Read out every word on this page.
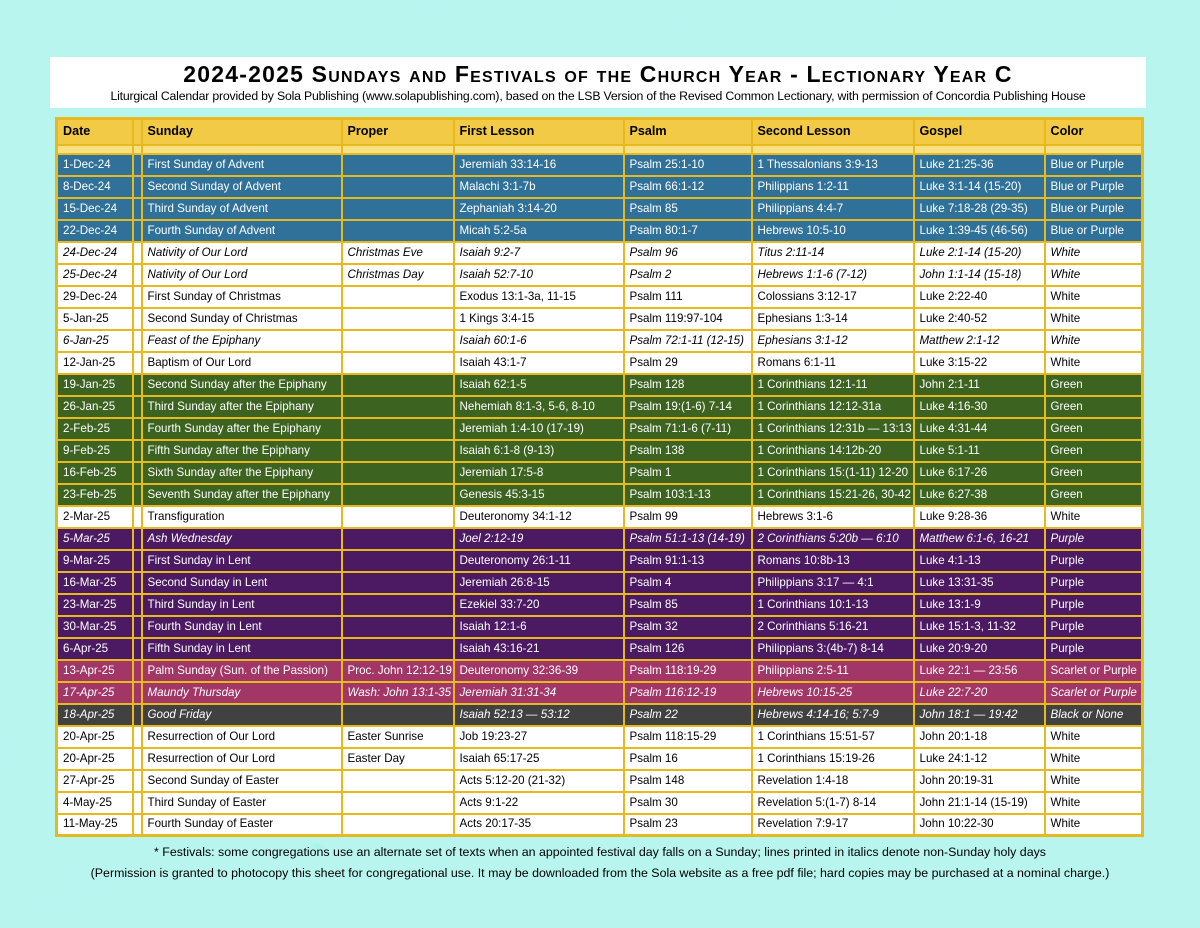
2024-2025 Sundays and Festivals of the Church Year - Lectionary Year C
Liturgical Calendar provided by Sola Publishing (www.solapublishing.com), based on the LSB Version of the Revised Common Lectionary, with permission of Concordia Publishing House
Date		Sunday	Proper	First Lesson	Psalm	Second Lesson	Gospel	Color

1-Dec-24		First Sunday of Advent		Jeremiah 33:14-16	Psalm 25:1-10	1 Thessalonians 3:9-13	Luke 21:25-36	Blue or Purple
8-Dec-24		Second Sunday of Advent		Malachi 3:1-7b	Psalm 66:1-12	Philippians 1:2-11	Luke 3:1-14 (15-20)	Blue or Purple
15-Dec-24		Third Sunday of Advent		Zephaniah 3:14-20	Psalm 85	Philippians 4:4-7	Luke 7:18-28 (29-35)	Blue or Purple
22-Dec-24		Fourth Sunday of Advent		Micah 5:2-5a	Psalm 80:1-7	Hebrews 10:5-10	Luke 1:39-45 (46-56)	Blue or Purple
24-Dec-24		Nativity of Our Lord	Christmas Eve	Isaiah 9:2-7	Psalm 96	Titus 2:11-14	Luke 2:1-14 (15-20)	White
25-Dec-24		Nativity of Our Lord	Christmas Day	Isaiah 52:7-10	Psalm 2	Hebrews 1:1-6 (7-12)	John 1:1-14 (15-18)	White
29-Dec-24		First Sunday of Christmas		Exodus 13:1-3a, 11-15	Psalm 111	Colossians 3:12-17	Luke 2:22-40	White
5-Jan-25		Second Sunday of Christmas		1 Kings 3:4-15	Psalm 119:97-104	Ephesians 1:3-14	Luke 2:40-52	White
6-Jan-25		Feast of the Epiphany		Isaiah 60:1-6	Psalm 72:1-11 (12-15)	Ephesians 3:1-12	Matthew 2:1-12	White
12-Jan-25		Baptism of Our Lord		Isaiah 43:1-7	Psalm 29	Romans 6:1-11	Luke 3:15-22	White
19-Jan-25		Second Sunday after the Epiphany		Isaiah 62:1-5	Psalm 128	1 Corinthians 12:1-11	John 2:1-11	Green
26-Jan-25		Third Sunday after the Epiphany		Nehemiah 8:1-3, 5-6, 8-10	Psalm 19:(1-6) 7-14	1 Corinthians 12:12-31a	Luke 4:16-30	Green
2-Feb-25		Fourth Sunday after the Epiphany		Jeremiah 1:4-10 (17-19)	Psalm 71:1-6 (7-11)	1 Corinthians 12:31b — 13:13	Luke 4:31-44	Green
9-Feb-25		Fifth Sunday after the Epiphany		Isaiah 6:1-8 (9-13)	Psalm 138	1 Corinthians 14:12b-20	Luke 5:1-11	Green
16-Feb-25		Sixth Sunday after the Epiphany		Jeremiah 17:5-8	Psalm 1	1 Corinthians 15:(1-11) 12-20	Luke 6:17-26	Green
23-Feb-25		Seventh Sunday after the Epiphany		Genesis 45:3-15	Psalm 103:1-13	1 Corinthians 15:21-26, 30-42	Luke 6:27-38	Green
2-Mar-25		Transfiguration		Deuteronomy 34:1-12	Psalm 99	Hebrews 3:1-6	Luke 9:28-36	White
5-Mar-25		Ash Wednesday		Joel 2:12-19	Psalm 51:1-13 (14-19)	2 Corinthians 5:20b — 6:10	Matthew 6:1-6, 16-21	Purple
9-Mar-25		First Sunday in Lent		Deuteronomy 26:1-11	Psalm 91:1-13	Romans 10:8b-13	Luke 4:1-13	Purple
16-Mar-25		Second Sunday in Lent		Jeremiah 26:8-15	Psalm 4	Philippians 3:17 — 4:1	Luke 13:31-35	Purple
23-Mar-25		Third Sunday in Lent		Ezekiel 33:7-20	Psalm 85	1 Corinthians 10:1-13	Luke 13:1-9	Purple
30-Mar-25		Fourth Sunday in Lent		Isaiah 12:1-6	Psalm 32	2 Corinthians 5:16-21	Luke 15:1-3, 11-32	Purple
6-Apr-25		Fifth Sunday in Lent		Isaiah 43:16-21	Psalm 126	Philippians 3:(4b-7) 8-14	Luke 20:9-20	Purple
13-Apr-25		Palm Sunday (Sun. of the Passion)	Proc. John 12:12-19	Deuteronomy 32:36-39	Psalm 118:19-29	Philippians 2:5-11	Luke 22:1 — 23:56	Scarlet or Purple
17-Apr-25		Maundy Thursday	Wash: John 13:1-35	Jeremiah 31:31-34	Psalm 116:12-19	Hebrews 10:15-25	Luke 22:7-20	Scarlet or Purple
18-Apr-25		Good Friday		Isaiah 52:13 — 53:12	Psalm 22	Hebrews 4:14-16; 5:7-9	John 18:1 — 19:42	Black or None
20-Apr-25		Resurrection of Our Lord	Easter Sunrise	Job 19:23-27	Psalm 118:15-29	1 Corinthians 15:51-57	John 20:1-18	White
20-Apr-25		Resurrection of Our Lord	Easter Day	Isaiah 65:17-25	Psalm 16	1 Corinthians 15:19-26	Luke 24:1-12	White
27-Apr-25		Second Sunday of Easter		Acts 5:12-20 (21-32)	Psalm 148	Revelation 1:4-18	John 20:19-31	White
4-May-25		Third Sunday of Easter		Acts 9:1-22	Psalm 30	Revelation 5:(1-7) 8-14	John 21:1-14 (15-19)	White
11-May-25		Fourth Sunday of Easter		Acts 20:17-35	Psalm 23	Revelation 7:9-17	John 10:22-30	White
* Festivals: some congregations use an alternate set of texts when an appointed festival day falls on a Sunday; lines printed in italics denote non-Sunday holy days
(Permission is granted to photocopy this sheet for congregational use. It may be downloaded from the Sola website as a free pdf file; hard copies may be purchased at a nominal charge.)
